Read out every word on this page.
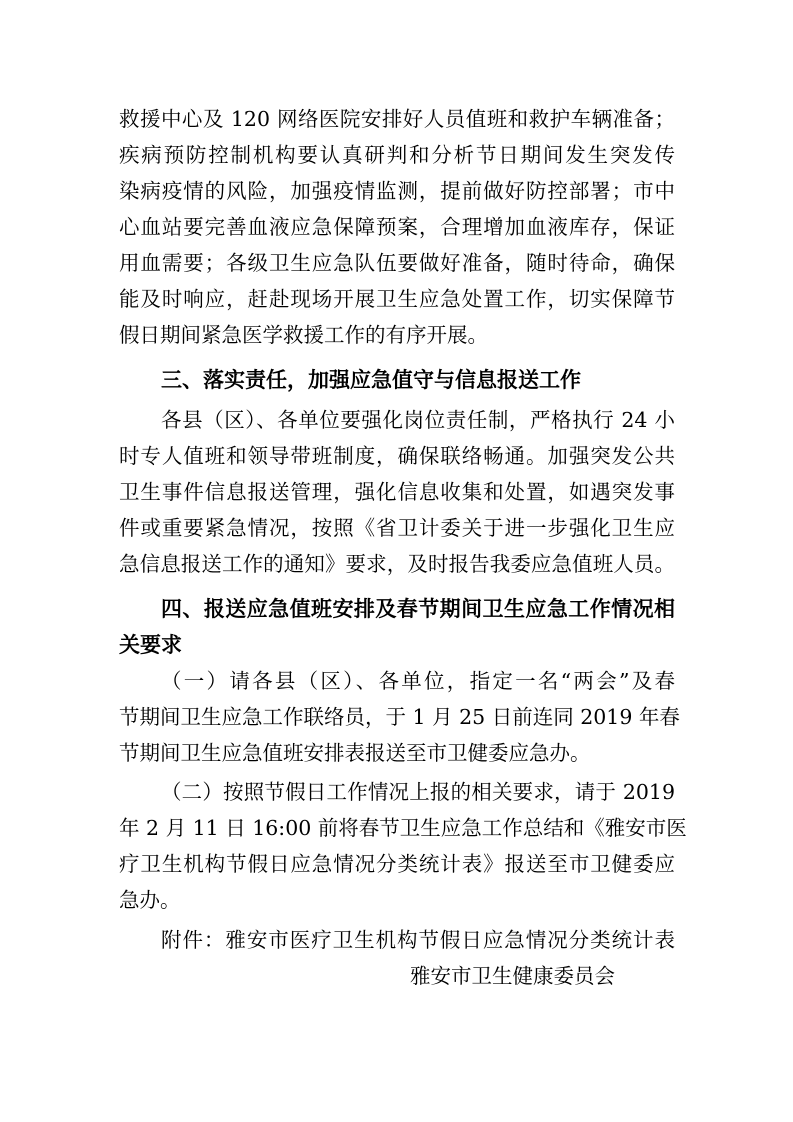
救援中心及 120 网络医院安排好人员值班和救护车辆准备；
疾病预防控制机构要认真研判和分析节日期间发生突发传
染病疫情的风险，加强疫情监测，提前做好防控部署；市中
心血站要完善血液应急保障预案，合理增加血液库存，保证
用血需要；各级卫生应急队伍要做好准备，随时待命，确保
能及时响应，赶赴现场开展卫生应急处置工作，切实保障节
假日期间紧急医学救援工作的有序开展。
三、落实责任，加强应急值守与信息报送工作
各县（区）、各单位要强化岗位责任制，严格执行 24 小
时专人值班和领导带班制度，确保联络畅通。加强突发公共
卫生事件信息报送管理，强化信息收集和处置，如遇突发事
件或重要紧急情况，按照《省卫计委关于进一步强化卫生应
急信息报送工作的通知》要求，及时报告我委应急值班人员。
四、报送应急值班安排及春节期间卫生应急工作情况相
关要求
（一）请各县（区）、各单位，指定一名“两会”及春
节期间卫生应急工作联络员，于 1 月 25 日前连同 2019 年春
节期间卫生应急值班安排表报送至市卫健委应急办。
（二）按照节假日工作情况上报的相关要求，请于 2019
年 2 月 11 日 16:00 前将春节卫生应急工作总结和《雅安市医
疗卫生机构节假日应急情况分类统计表》报送至市卫健委应
急办。
附件：雅安市医疗卫生机构节假日应急情况分类统计表
雅安市卫生健康委员会
